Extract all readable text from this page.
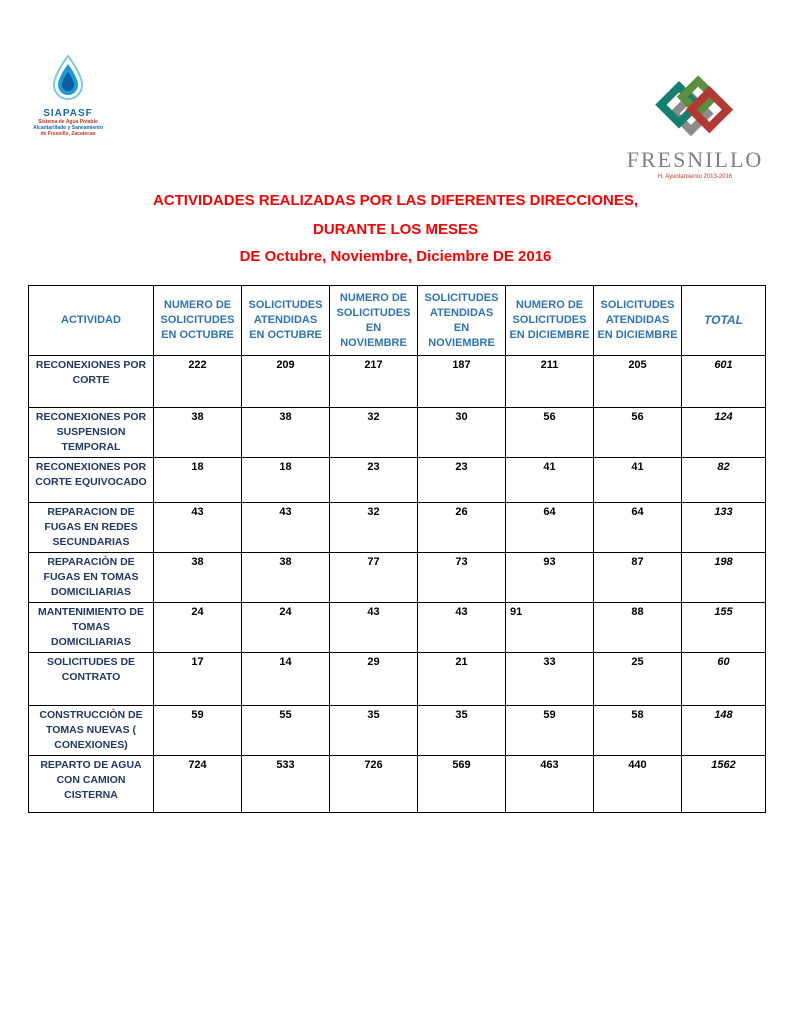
SIAPASF
Sistema de Agua Potable
Alcantarillado y Saneamiento
de Fresnillo, Zacatecas
FRESNILLO
H. Ayuntamiento 2013-2016
ACTIVIDADES REALIZADAS POR LAS DIFERENTES DIRECCIONES,
DURANTE LOS MESES
DE Octubre, Noviembre, Diciembre DE 2016
ACTIVIDAD	NUMERO DE SOLICITUDES EN OCTUBRE	SOLICITUDES ATENDIDAS EN OCTUBRE	NUMERO DE SOLICITUDES EN NOVIEMBRE	SOLICITUDES ATENDIDAS EN NOVIEMBRE	NUMERO DE SOLICITUDES EN DICIEMBRE	SOLICITUDES ATENDIDAS EN DICIEMBRE	TOTAL
RECONEXIONES POR CORTE	222	209	217	187	211	205	601
RECONEXIONES POR SUSPENSION TEMPORAL	38	38	32	30	56	56	124
RECONEXIONES POR CORTE EQUIVOCADO	18	18	23	23	41	41	82
REPARACION DE FUGAS EN REDES SECUNDARIAS	43	43	32	26	64	64	133
REPARACIÒN DE FUGAS EN TOMAS DOMICILIARIAS	38	38	77	73	93	87	198
MANTENIMIENTO DE TOMAS DOMICILIARIAS	24	24	43	43	91	88	155
SOLICITUDES DE CONTRATO	17	14	29	21	33	25	60
CONSTRUCCIÒN DE TOMAS NUEVAS ( CONEXIONES)	59	55	35	35	59	58	148
REPARTO DE AGUA CON CAMION CISTERNA	724	533	726	569	463	440	1562
